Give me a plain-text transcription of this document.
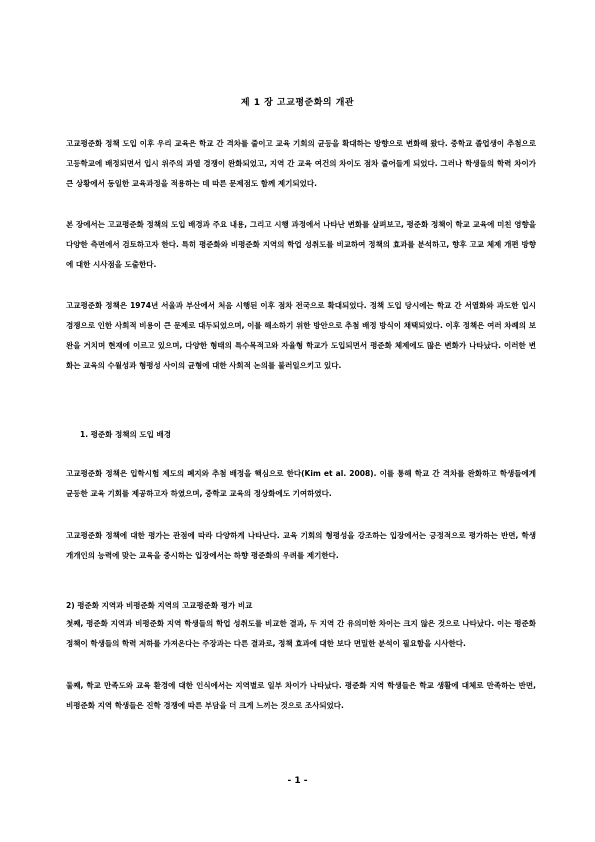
제 1 장 고교평준화의 개관
고교평준화 정책 도입 이후 우리 교육은 학교 간 격차를 줄이고 교육 기회의 균등을 확대하는 방향으로 변화해 왔다. 중학교 졸업생이 추첨으로 고등학교에 배정되면서 입시 위주의 과열 경쟁이 완화되었고, 지역 간 교육 여건의 차이도 점차 줄어들게 되었다. 그러나 학생들의 학력 차이가 큰 상황에서 동일한 교육과정을 적용하는 데 따른 문제점도 함께 제기되었다.
본 장에서는 고교평준화 정책의 도입 배경과 주요 내용, 그리고 시행 과정에서 나타난 변화를 살펴보고, 평준화 정책이 학교 교육에 미친 영향을 다양한 측면에서 검토하고자 한다. 특히 평준화와 비평준화 지역의 학업 성취도를 비교하여 정책의 효과를 분석하고, 향후 고교 체제 개편 방향에 대한 시사점을 도출한다.
고교평준화 정책은 1974년 서울과 부산에서 처음 시행된 이후 점차 전국으로 확대되었다. 정책 도입 당시에는 학교 간 서열화와 과도한 입시 경쟁으로 인한 사회적 비용이 큰 문제로 대두되었으며, 이를 해소하기 위한 방안으로 추첨 배정 방식이 채택되었다. 이후 정책은 여러 차례의 보완을 거치며 현재에 이르고 있으며, 다양한 형태의 특수목적고와 자율형 학교가 도입되면서 평준화 체제에도 많은 변화가 나타났다. 이러한 변화는 교육의 수월성과 형평성 사이의 균형에 대한 사회적 논의를 불러일으키고 있다.
1. 평준화 정책의 도입 배경
고교평준화 정책은 입학시험 제도의 폐지와 추첨 배정을 핵심으로 한다(Kim et al. 2008). 이를 통해 학교 간 격차를 완화하고 학생들에게 균등한 교육 기회를 제공하고자 하였으며, 중학교 교육의 정상화에도 기여하였다.
고교평준화 정책에 대한 평가는 관점에 따라 다양하게 나타난다. 교육 기회의 형평성을 강조하는 입장에서는 긍정적으로 평가하는 반면, 학생 개개인의 능력에 맞는 교육을 중시하는 입장에서는 하향 평준화의 우려를 제기한다.
2) 평준화 지역과 비평준화 지역의 고교평준화 평가 비교
첫째, 평준화 지역과 비평준화 지역 학생들의 학업 성취도를 비교한 결과, 두 지역 간 유의미한 차이는 크지 않은 것으로 나타났다. 이는 평준화 정책이 학생들의 학력 저하를 가져온다는 주장과는 다른 결과로, 정책 효과에 대한 보다 면밀한 분석이 필요함을 시사한다.
둘째, 학교 만족도와 교육 환경에 대한 인식에서는 지역별로 일부 차이가 나타났다. 평준화 지역 학생들은 학교 생활에 대체로 만족하는 반면, 비평준화 지역 학생들은 진학 경쟁에 따른 부담을 더 크게 느끼는 것으로 조사되었다.
- 1 -
